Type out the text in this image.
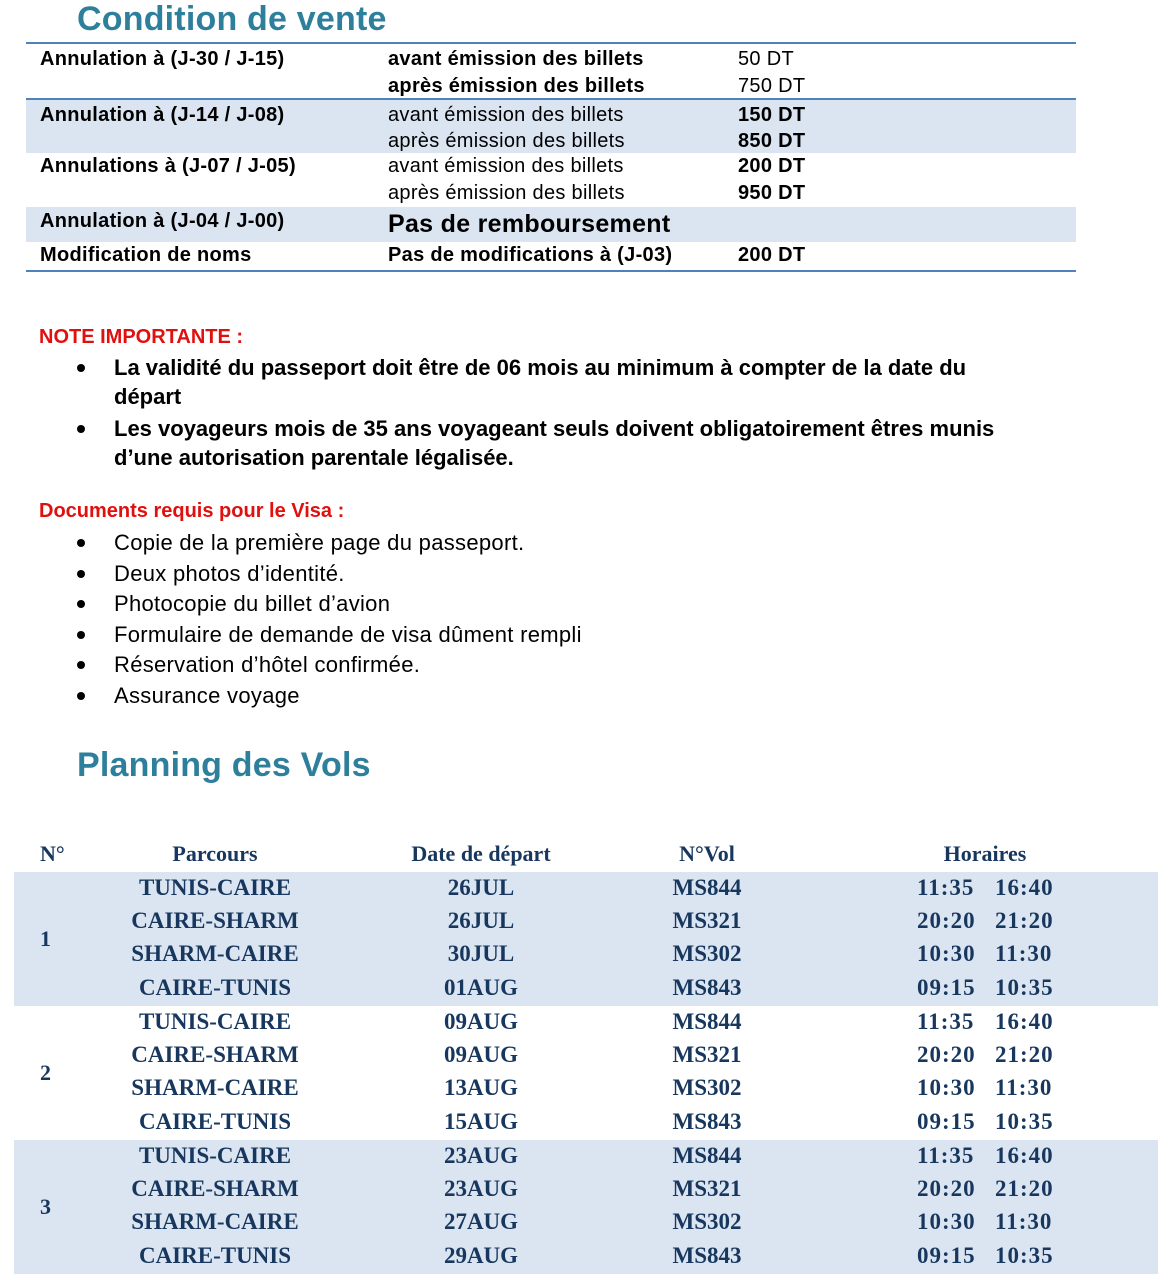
Condition de vente
Annulation à (J-30 / J-15)	avant émission des billets	50 DT
après émission des billets	750 DT
Annulation à (J-14 / J-08)	avant émission des billets	150 DT
après émission des billets	850 DT
Annulations à (J-07 / J-05)	avant émission des billets	200 DT
après émission des billets	950 DT
Annulation à (J-04 / J-00)	Pas de remboursement
Modification de noms	Pas de modifications à (J-03)	200 DT
NOTE IMPORTANTE :
La validité du passeport doit être de 06 mois au minimum à compter de la date du départ
Les voyageurs mois de 35 ans voyageant seuls doivent obligatoirement êtres munis d’une autorisation parentale légalisée.
Documents requis pour le Visa :
Copie de la première page du passeport.
Deux photos d’identité.
Photocopie du billet d’avion
Formulaire de demande de visa dûment rempli
Réservation d’hôtel confirmée.
Assurance voyage
Planning des Vols
N°	Parcours	Date de départ	N°Vol	Horaires
1
TUNIS-CAIRE	26JUL	MS844	11:35 16:40
CAIRE-SHARM	26JUL	MS321	20:20 21:20
SHARM-CAIRE	30JUL	MS302	10:30 11:30
CAIRE-TUNIS	01AUG	MS843	09:15 10:35
2
TUNIS-CAIRE	09AUG	MS844	11:35 16:40
CAIRE-SHARM	09AUG	MS321	20:20 21:20
SHARM-CAIRE	13AUG	MS302	10:30 11:30
CAIRE-TUNIS	15AUG	MS843	09:15 10:35
3
TUNIS-CAIRE	23AUG	MS844	11:35 16:40
CAIRE-SHARM	23AUG	MS321	20:20 21:20
SHARM-CAIRE	27AUG	MS302	10:30 11:30
CAIRE-TUNIS	29AUG	MS843	09:15 10:35
